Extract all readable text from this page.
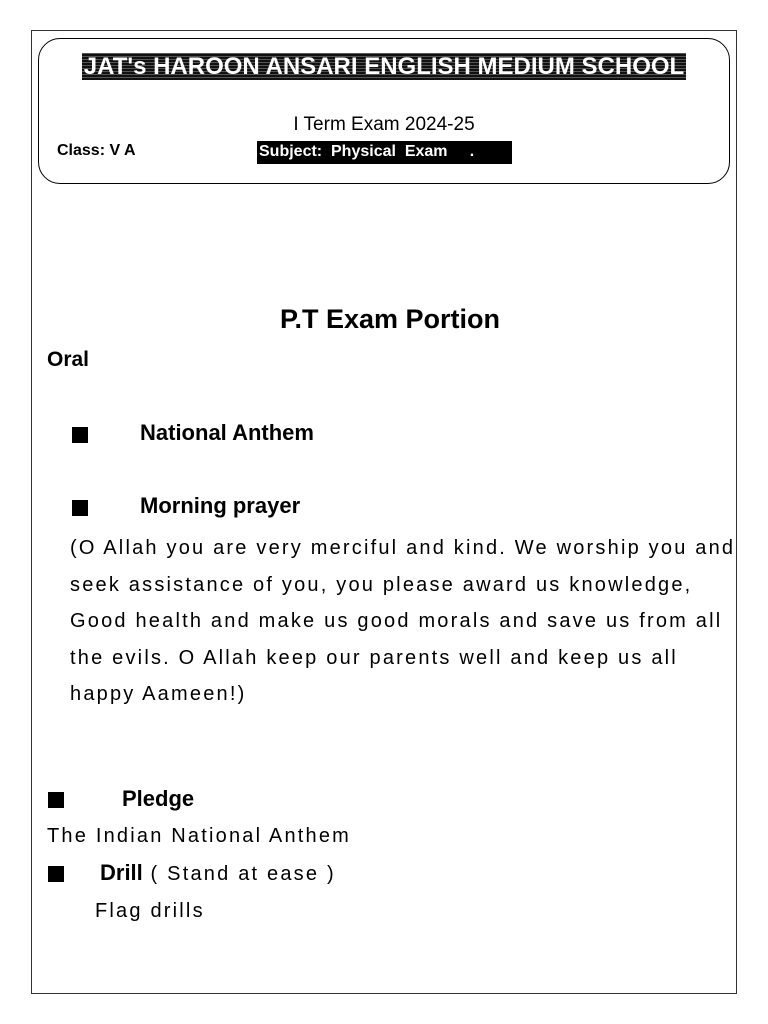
JAT's HAROON ANSARI ENGLISH MEDIUM SCHOOL
I Term Exam 2024-25
Class: V A	Subject:  Physical  Exam     .
P.T Exam Portion
Oral
National Anthem
Morning prayer
(O Allah you are very merciful and kind. We worship you and seek assistance of you, you please award us knowledge, Good health and make us good morals and save us from all the evils. O Allah keep our parents well and keep us all happy Aameen!)
Pledge
The Indian National Anthem
Drill ( Stand at ease )
Flag drills
